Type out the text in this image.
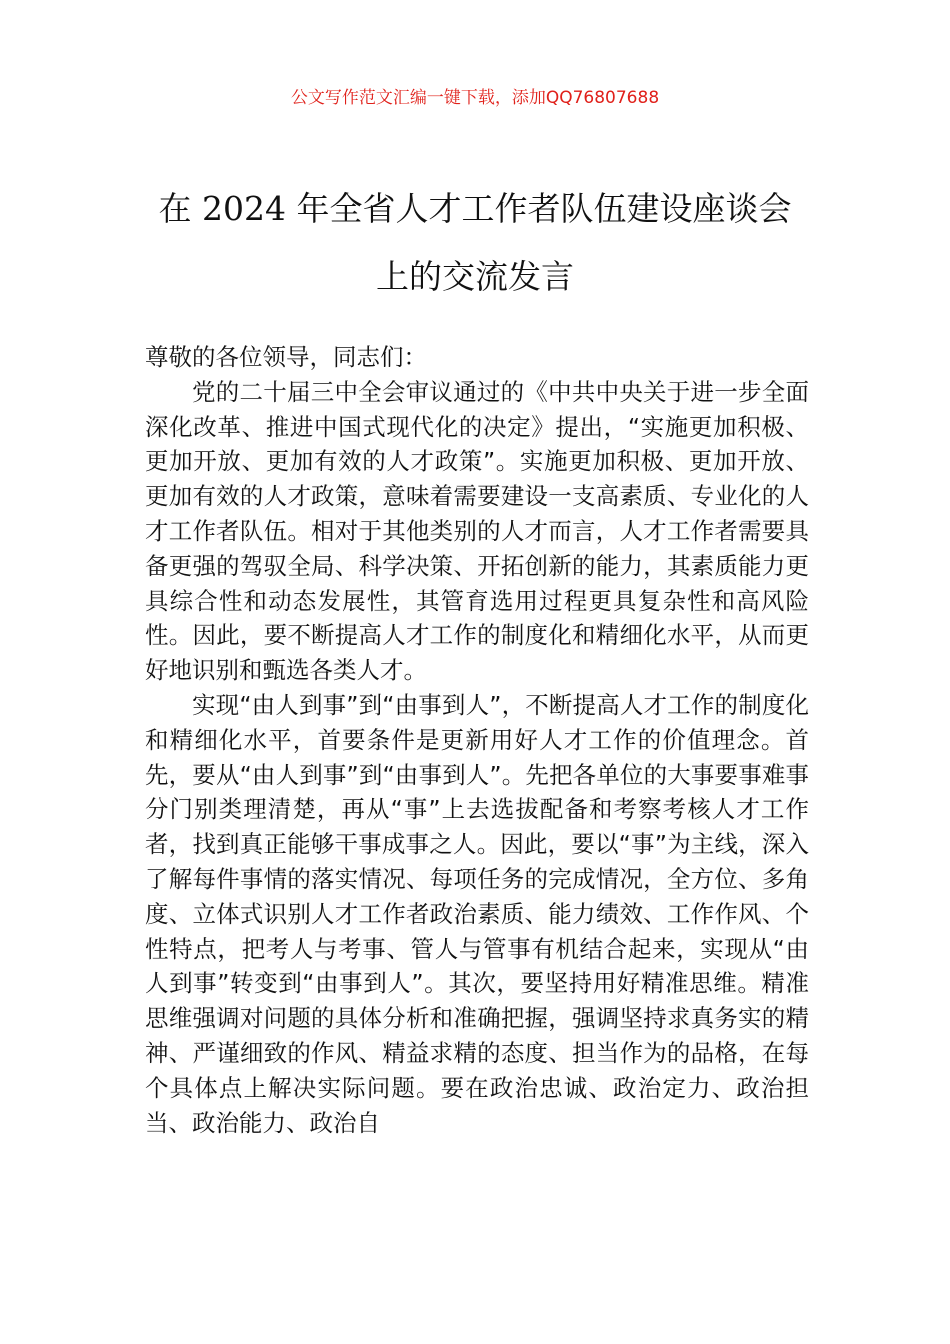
公文写作范文汇编一键下载，添加QQ76807688
在 2024 年全省人才工作者队伍建设座谈会
上的交流发言

尊敬的各位领导，同志们：

党的二十届三中全会审议通过的《中共中央关于进一步全面深化改革、推进中国式现代化的决定》提出，“实施更加积极、更加开放、更加有效的人才政策”。实施更加积极、更加开放、更加有效的人才政策，意味着需要建设一支高素质、专业化的人才工作者队伍。相对于其他类别的人才而言，人才工作者需要具备更强的驾驭全局、科学决策、开拓创新的能力，其素质能力更具综合性和动态发展性，其管育选用过程更具复杂性和高风险性。因此，要不断提高人才工作的制度化和精细化水平，从而更好地识别和甄选各类人才。

实现“由人到事”到“由事到人”，不断提高人才工作的制度化和精细化水平，首要条件是更新用好人才工作的价值理念。首先，要从“由人到事”到“由事到人”。先把各单位的大事要事难事分门别类理清楚，再从“事”上去选拔配备和考察考核人才工作者，找到真正能够干事成事之人。因此，要以“事”为主线，深入了解每件事情的落实情况、每项任务的完成情况，全方位、多角度、立体式识别人才工作者政治素质、能力绩效、工作作风、个性特点，把考人与考事、管人与管事有机结合起来，实现从“由人到事”转变到“由事到人”。其次，要坚持用好精准思维。精准思维强调对问题的具体分析和准确把握，强调坚持求真务实的精神、严谨细致的作风、精益求精的态度、担当作为的品格，在每个具体点上解决实际问题。要在政治忠诚、政治定力、政治担当、政治能力、政治自
